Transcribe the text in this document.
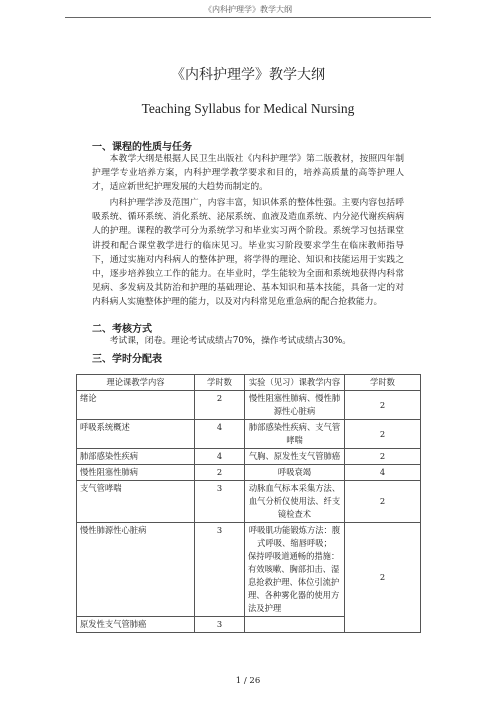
《内科护理学》教学大纲
《内科护理学》教学大纲
Teaching Syllabus for Medical Nursing
一、课程的性质与任务

本教学大纲是根据人民卫生出版社《内科护理学》第二版教材，按照四年制护理学专业培养方案，内科护理学教学要求和目的，培养高质量的高等护理人才，适应新世纪护理发展的大趋势而制定的。

内科护理学涉及范围广，内容丰富，知识体系的整体性强。主要内容包括呼吸系统、循环系统、消化系统、泌尿系统、血液及造血系统、内分泌代谢疾病病人的护理。课程的教学可分为系统学习和毕业实习两个阶段。系统学习包括课堂讲授和配合课堂教学进行的临床见习。毕业实习阶段要求学生在临床教师指导下，通过实施对内科病人的整体护理，将学得的理论、知识和技能运用于实践之中，逐步培养独立工作的能力。在毕业时，学生能较为全面和系统地获得内科常见病、多发病及其防治和护理的基础理论、基本知识和基本技能，具备一定的对内科病人实施整体护理的能力，以及对内科常见危重急病的配合抢救能力。

二、考核方式

考试课，闭卷。理论考试成绩占70%，操作考试成绩占30%。

三、学时分配表
理论课教学内容	学时数	实验（见习）课教学内容	学时数
绪论	2	慢性阻塞性肺病、慢性肺源性心脏病	2
呼吸系统概述	4	肺部感染性疾病、支气管哮喘	2
肺部感染性疾病	4	气胸、原发性支气管肺癌	2
慢性阻塞性肺病	2	呼吸衰竭	4
支气管哮喘	3	动脉血气标本采集方法、血气分析仪使用法、纤支镜检查术	2
慢性肺源性心脏病	3	呼吸肌功能锻炼方法：腹式呼吸、缩唇呼吸；
保持呼吸道通畅的措施：有效咳嗽、胸部扣击、湿息抢救护理、体位引流护理、各种雾化器的使用方法及护理	2
原发性支气管肺癌	3		
1 / 26
